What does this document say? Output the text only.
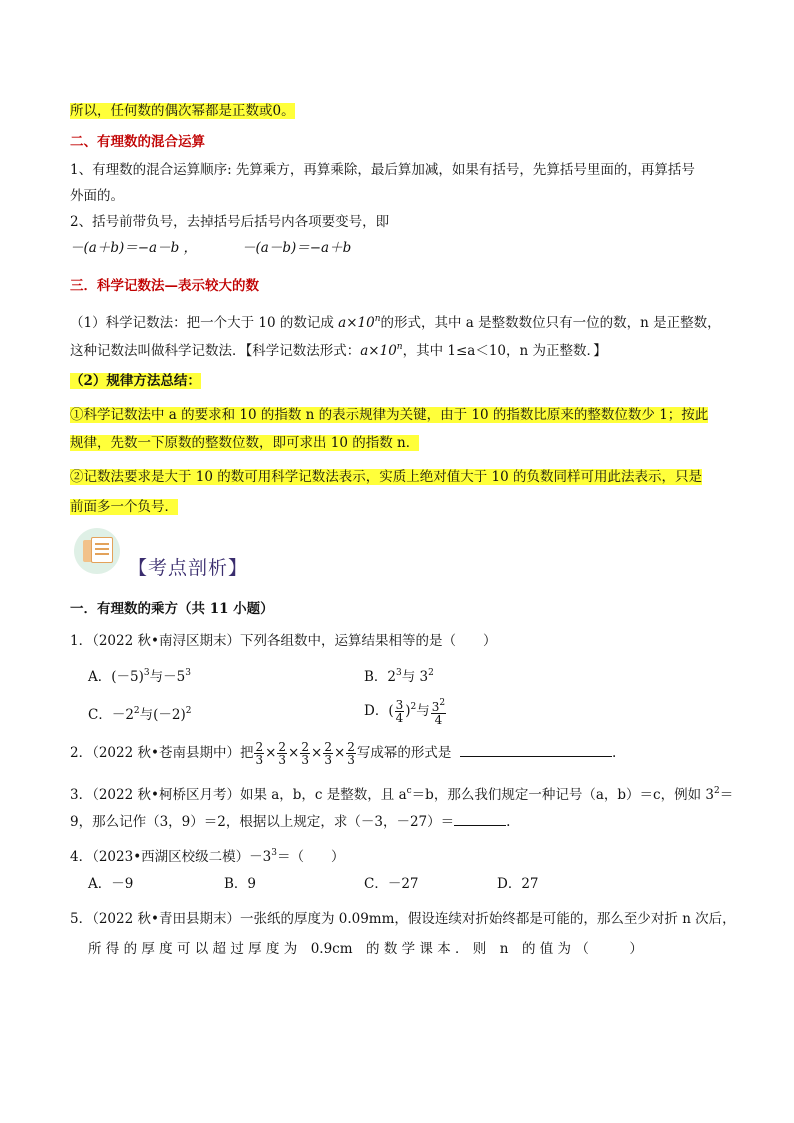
所以，任何数的偶次幂都是正数或0。
二、有理数的混合运算
1、有理数的混合运算顺序: 先算乘方，再算乘除，最后算加减，如果有括号，先算括号里面的，再算括号
外面的。
2、括号前带负号，去掉括号后括号内各项要变号，即
－(a＋b)＝−a－b ，	－(a－b)＝−a＋b
三．科学记数法—表示较大的数
（1）科学记数法：把一个大于 10 的数记成 $a\times 10^n$的形式，其中 a 是整数数位只有一位的数，n 是正整数，
这种记数法叫做科学记数法．【科学记数法形式：$a\times 10^n$，其中 1≤a＜10，n 为正整数．】
（2）规律方法总结：
①科学记数法中 a 的要求和 10 的指数 n 的表示规律为关键，由于 10 的指数比原来的整数位数少 1；按此
规律，先数一下原数的整数位数，即可求出 10 的指数 n．
②记数法要求是大于 10 的数可用科学记数法表示，实质上绝对值大于 10 的负数同样可用此法表示，只是
前面多一个负号．
【考点剖析】
一．有理数的乘方（共 11 小题）
1．（2022 秋•南浔区期末）下列各组数中，运算结果相等的是（　　）
A．$(-5)^3$与$-5^3$	B．$2^3$与 $3^2$
C．$-2^2$与$(-2)^2$	D．( $\frac{3}{4} )^2$与 $\frac{3^2}{4}$
2．（2022 秋•苍南县期中）把 $\frac{2}{3} \times \frac{2}{3} \times \frac{2}{3} \times \frac{2}{3} \times \frac{2}{3}$ 写成幂的形式是	.
3．（2022 秋•柯桥区月考）如果 a，b，c 是整数，且 $a^c=b$，那么我们规定一种记号（a，b）＝c，例如 $3^2=$
9，那么记作（3，9）＝2，根据以上规定，求（－3，－27）＝	.
4．（2023•西湖区校级二模）$-3^3=$（　　）
A．－9	B．9	C．－27	D．27
5．（2022 秋•青田县期末）一张纸的厚度为 0.09mm，假设连续对折始终都是可能的，那么至少对折 n 次后，
所 得 的 厚 度 可 以 超 过 厚 度 为　0.9cm　的 数 学 课 本 ． 则　n　的 值 为 （　　　）
